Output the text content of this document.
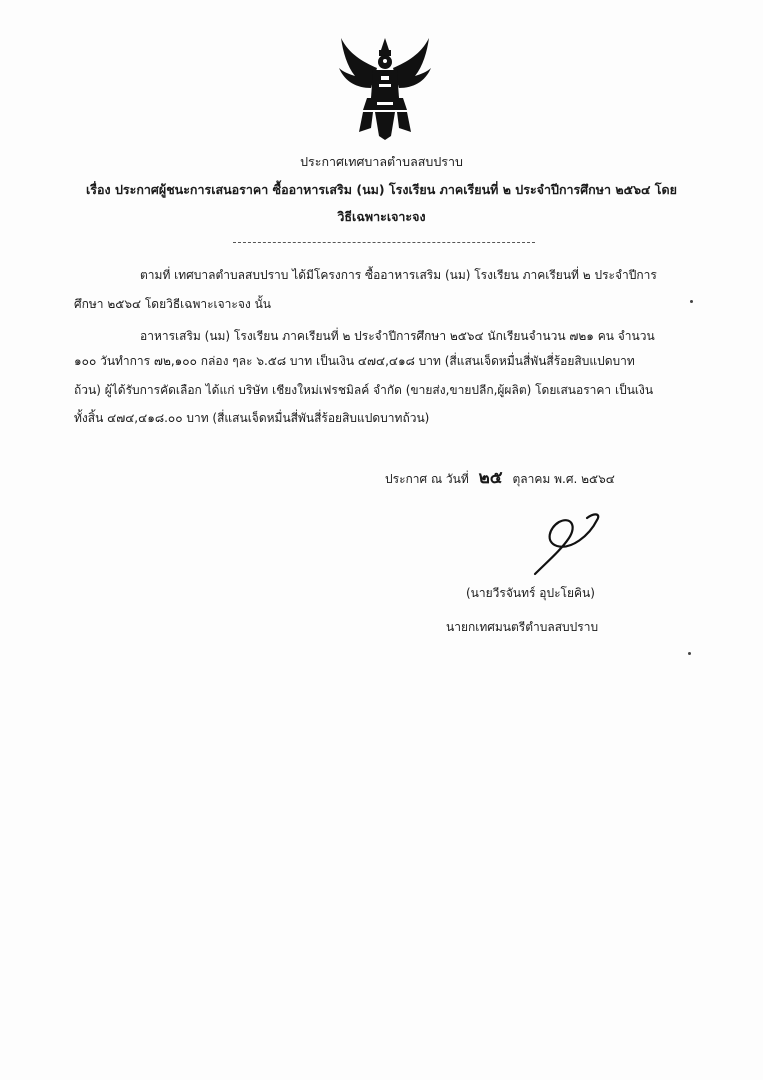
ประกาศเทศบาลตำบลสบปราบ
เรื่อง ประกาศผู้ชนะการเสนอราคา ซื้ออาหารเสริม (นม) โรงเรียน ภาคเรียนที่ ๒ ประจำปีการศึกษา ๒๕๖๔ โดย
วิธีเฉพาะเจาะจง
ตามที่ เทศบาลตำบลสบปราบ ได้มีโครงการ ซื้ออาหารเสริม (นม) โรงเรียน ภาคเรียนที่ ๒ ประจำปีการ
ศึกษา ๒๕๖๔ โดยวิธีเฉพาะเจาะจง นั้น
อาหารเสริม (นม) โรงเรียน ภาคเรียนที่ ๒ ประจำปีการศึกษา ๒๕๖๔ นักเรียนจำนวน ๗๒๑ คน จำนวน
๑๐๐ วันทำการ ๗๒,๑๐๐ กล่อง ๆละ ๖.๕๘ บาท เป็นเงิน ๔๗๔,๔๑๘ บาท (สี่แสนเจ็ดหมื่นสี่พันสี่ร้อยสิบแปดบาท
ถ้วน) ผู้ได้รับการคัดเลือก ได้แก่ บริษัท เชียงใหม่เฟรชมิลค์ จำกัด (ขายส่ง,ขายปลีก,ผู้ผลิต) โดยเสนอราคา เป็นเงิน
ทั้งสิ้น ๔๗๔,๔๑๘.๐๐ บาท (สี่แสนเจ็ดหมื่นสี่พันสี่ร้อยสิบแปดบาทถ้วน)
ประกาศ ณ วันที่ ๒๕ ตุลาคม พ.ศ. ๒๕๖๔
(นายวีรจันทร์ อุปะโยคิน)
นายกเทศมนตรีตำบลสบปราบ
